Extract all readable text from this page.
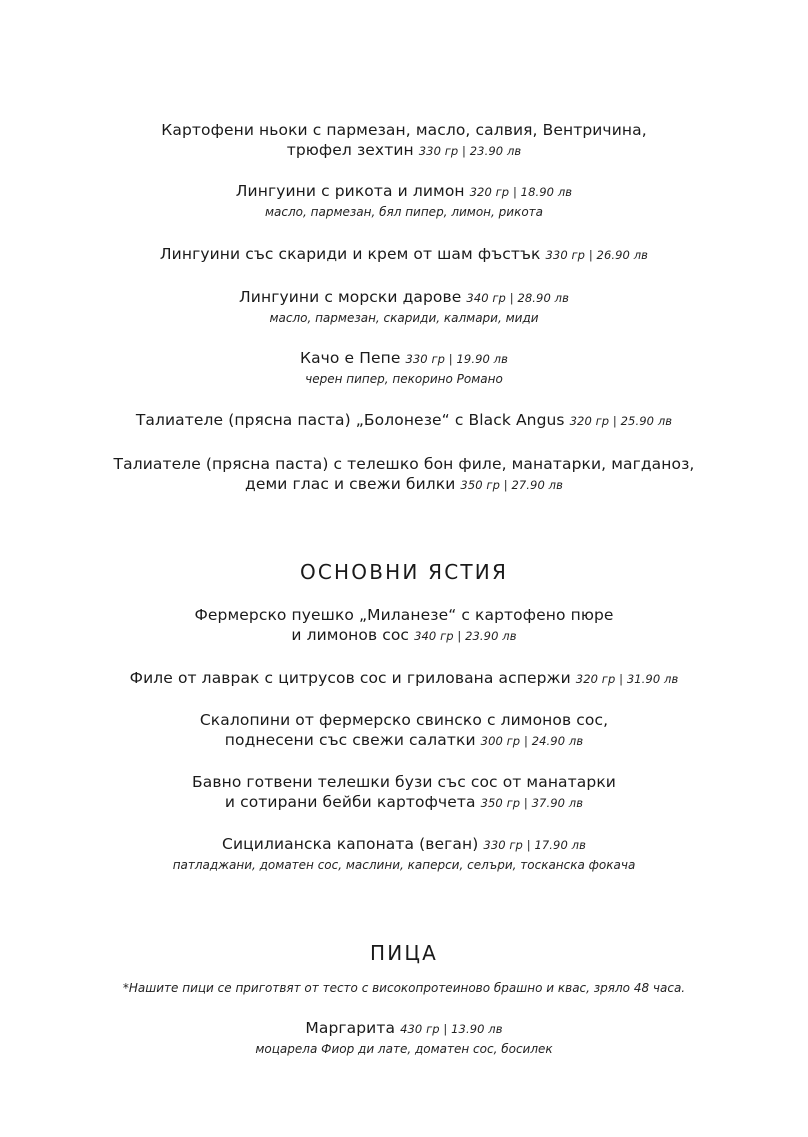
Картофени ньоки с пармезан, масло, салвия, Вентричина,
трюфел зехтин 330 гр | 23.90 лв
Лингуини с рикота и лимон 320 гр | 18.90 лв
масло, пармезан, бял пипер, лимон, рикота
Лингуини със скариди и крем от шам фъстък 330 гр | 26.90 лв
Лингуини с морски дарове 340 гр | 28.90 лв
масло, пармезан, скариди, калмари, миди
Качо е Пепе 330 гр | 19.90 лв
черен пипер, пекорино Романо
Талиателе (прясна паста) „Болонезе“ с Black Angus 320 гр | 25.90 лв
Талиателе (прясна паста) с телешко бон филе, манатарки, магданоз,
деми глас и свежи билки 350 гр | 27.90 лв
ОСНОВНИ ЯСТИЯ
Фермерско пуешко „Миланезе“ с картофено пюре
и лимонов сос 340 гр | 23.90 лв
Филе от лаврак с цитрусов сос и грилована аспержи 320 гр | 31.90 лв
Скалопини от фермерско свинско с лимонов сос,
поднесени със свежи салатки 300 гр | 24.90 лв
Бавно готвени телешки бузи със сос от манатарки
и сотирани бейби картофчета 350 гр | 37.90 лв
Сицилианска капоната (веган) 330 гр | 17.90 лв
патладжани, доматен сос, маслини, каперси, селъри, тосканска фокача
ПИЦА
*Нашите пици се приготвят от тесто с високопротеиново брашно и квас, зряло 48 часа.
Маргарита 430 гр | 13.90 лв
моцарела Фиор ди лате, доматен сос, босилек
